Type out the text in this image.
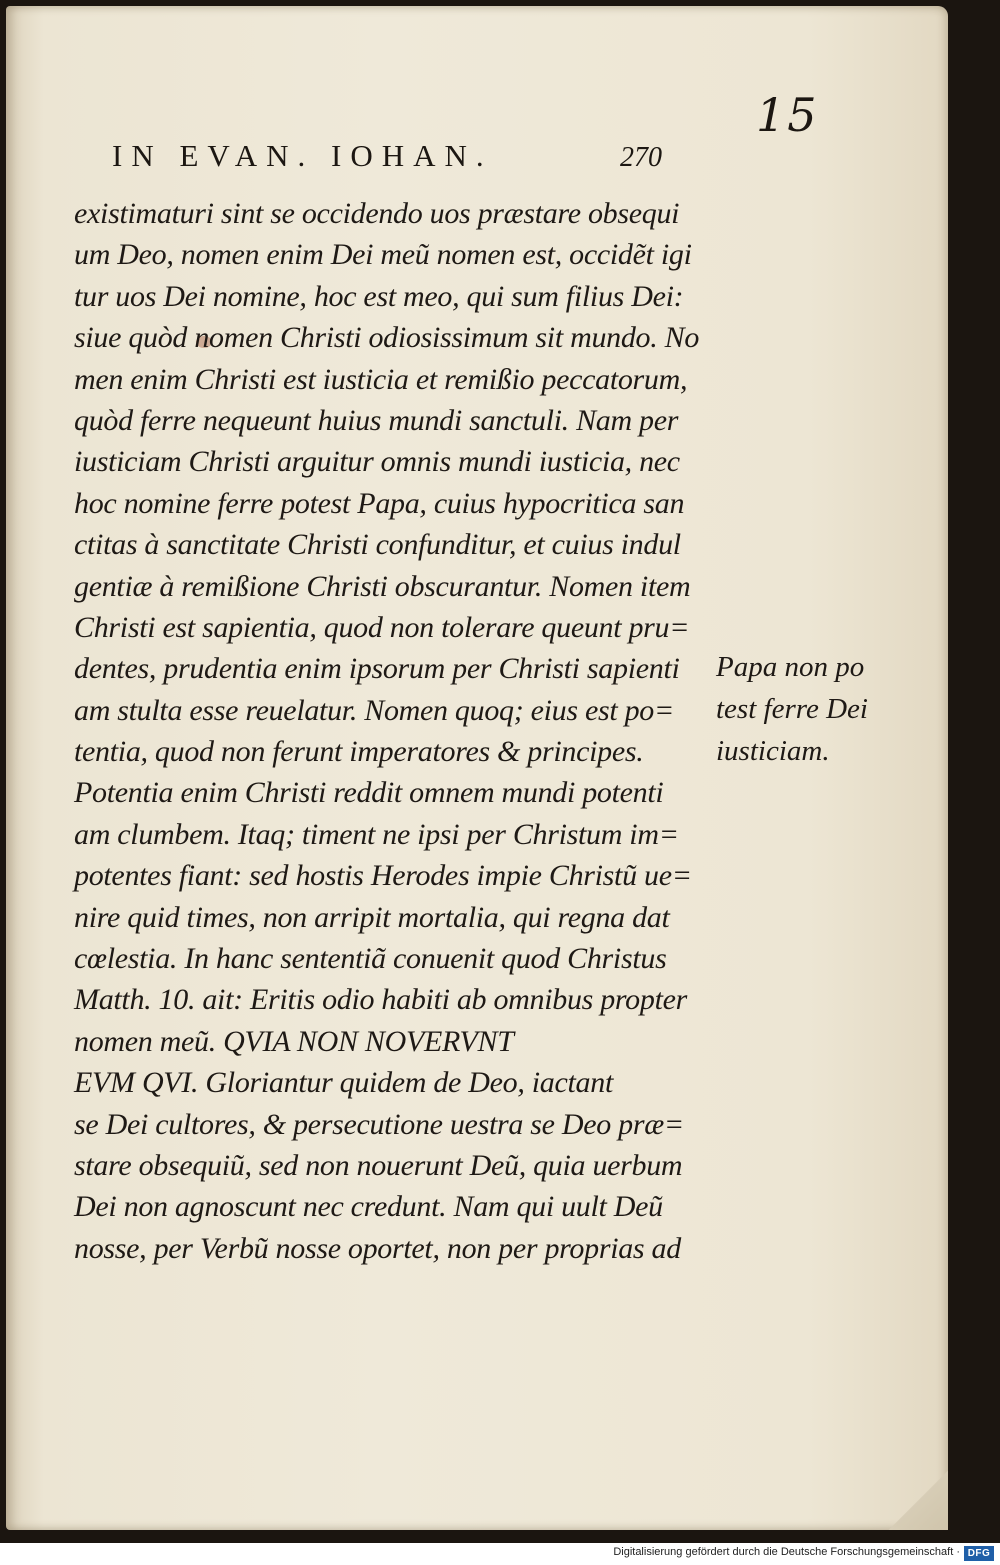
15
IN EVAN. IOHAN.	270
existimaturi sint se occidendo uos præstare obsequi
um Deo, nomen enim Dei meũ nomen est, occidẽt igi
tur uos Dei nomine, hoc est meo, qui sum filius Dei:
siue quòd nomen Christi odiosissimum sit mundo. No
men enim Christi est iusticia et remißio peccatorum,
quòd ferre nequeunt huius mundi sanctuli. Nam per
iusticiam Christi arguitur omnis mundi iusticia, nec
hoc nomine ferre potest Papa, cuius hypocritica san
ctitas à sanctitate Christi confunditur, et cuius indul
gentiæ à remißione Christi obscurantur. Nomen item
Christi est sapientia, quod non tolerare queunt pru=
dentes, prudentia enim ipsorum per Christi sapienti
am stulta esse reuelatur. Nomen quoq; eius est po=
tentia, quod non ferunt imperatores & principes.
Potentia enim Christi reddit omnem mundi potenti
am clumbem. Itaq; timent ne ipsi per Christum im=
potentes fiant: sed hostis Herodes impie Christũ ue=
nire quid times, non arripit mortalia, qui regna dat
cœlestia. In hanc sententiã conuenit quod Christus
Matth. 10. ait: Eritis odio habiti ab omnibus propter
nomen meũ. QVIA NON NOVERVNT
EVM QVI. Gloriantur quidem de Deo, iactant
se Dei cultores, & persecutione uestra se Deo præ=
stare obsequiũ, sed non nouerunt Deũ, quia uerbum
Dei non agnoscunt nec credunt. Nam qui uult Deũ
nosse, per Verbũ nosse oportet, non per proprias ad
Papa non po
test ferre Dei
iusticiam.
Digitalisierung gefördert durch die Deutsche Forschungsgemeinschaft · DFG
